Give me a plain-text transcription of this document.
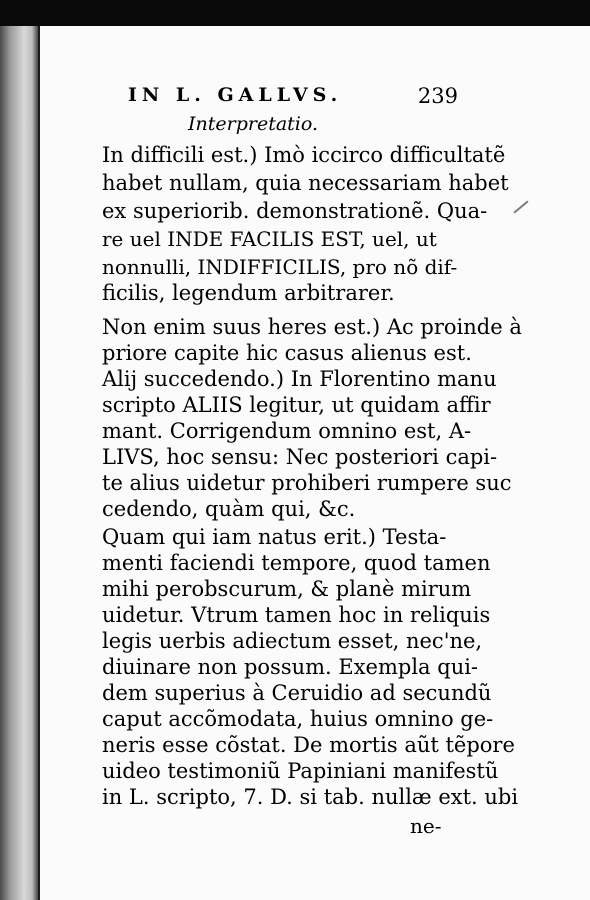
IN L. GALLVS.	239
Interpretatio.
In difficili est.) Imò iccirco difficultatẽ
habet nullam, quia necessariam habet
ex superiorib. demonstrationẽ. Qua-
re uel INDE FACILIS EST, uel, ut
nonnulli, INDIFFICILIS, pro nõ dif-
ficilis, legendum arbitrarer.
Non enim suus heres est.) Ac proinde à
priore capite hic casus alienus est.
Alij succedendo.) In Florentino manu
scripto ALIIS legitur, ut quidam affir
mant. Corrigendum omnino est, A-
LIVS, hoc sensu: Nec posteriori capi-
te alius uidetur prohiberi rumpere suc
cedendo, quàm qui, &c.
Quam qui iam natus erit.) Testa-
menti faciendi tempore, quod tamen
mihi perobscurum, & planè mirum
uidetur. Vtrum tamen hoc in reliquis
legis uerbis adiectum esset, nec'ne,
diuinare non possum. Exempla qui-
dem superius à Ceruidio ad secundũ
caput accõmodata, huius omnino ge-
neris esse cõstat. De mortis aũt tẽpore
uideo testimoniũ Papiniani manifestũ
in L. scripto, 7. D. si tab. nullæ ext. ubi
ne-
